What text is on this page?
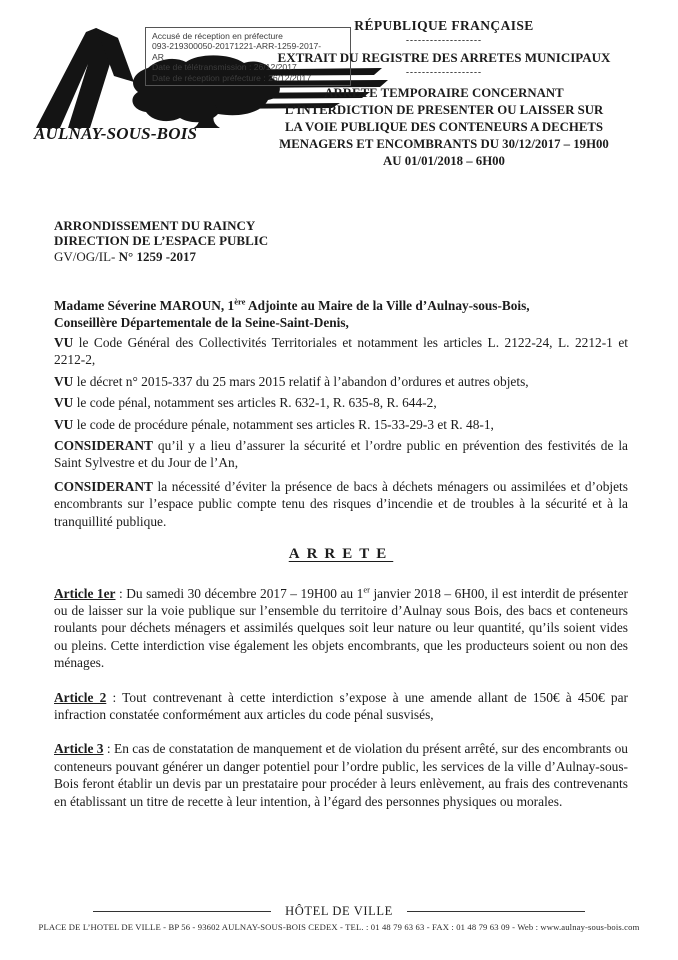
AULNAY-SOUS-BOIS
Accusé de réception en préfecture
093-219300050-20171221-ARR-1259-2017-
AR
Date de télétransmission : 26/12/2017
Date de réception préfecture : 26/12/2017
RÉPUBLIQUE FRANÇAISE
-------------------
EXTRAIT DU REGISTRE DES ARRETES MUNICIPAUX
-------------------
ARRETE TEMPORAIRE CONCERNANT
L’INTERDICTION DE PRESENTER OU LAISSER SUR
LA VOIE PUBLIQUE DES CONTENEURS A DECHETS
MENAGERS ET ENCOMBRANTS DU 30/12/2017 – 19H00
AU 01/01/2018 – 6H00
ARRONDISSEMENT DU RAINCY
DIRECTION DE L’ESPACE PUBLIC
GV/OG/IL- N° 1259 -2017
Madame Séverine MAROUN, 1ère Adjointe au Maire de la Ville d’Aulnay-sous-Bois,
Conseillère Départementale de la Seine-Saint-Denis,

VU le Code Général des Collectivités Territoriales et notamment les articles L. 2122-24, L. 2212-1 et 2212-2,

VU le décret n° 2015-337 du 25 mars 2015 relatif à l’abandon d’ordures et autres objets,

VU le code pénal, notamment ses articles R. 632-1, R. 635-8, R. 644-2,

VU le code de procédure pénale, notamment ses articles R. 15-33-29-3 et R. 48-1,

CONSIDERANT qu’il y a lieu d’assurer la sécurité et l’ordre public en prévention des festivités de la Saint Sylvestre et du Jour de l’An,

CONSIDERANT la nécessité d’éviter la présence de bacs à déchets ménagers ou assimilées et d’objets encombrants sur l’espace public compte tenu des risques d’incendie et de troubles à la sécurité et à la tranquillité publique.

ARRETE

Article 1er : Du samedi 30 décembre 2017 – 19H00 au 1er janvier 2018 – 6H00, il est interdit de présenter ou de laisser sur la voie publique sur l’ensemble du territoire d’Aulnay sous Bois, des bacs et conteneurs roulants pour déchets ménagers et assimilés quelques soit leur nature ou leur quantité, qu’ils soient vides ou pleins. Cette interdiction vise également les objets encombrants, que les producteurs soient ou non des ménages.

Article 2 : Tout contrevenant à cette interdiction s’expose à une amende allant de 150€ à 450€ par infraction constatée conformément aux articles du code pénal susvisés,

Article 3 : En cas de constatation de manquement et de violation du présent arrêté, sur des encombrants ou conteneurs pouvant générer un danger potentiel pour l’ordre public, les services de la ville d’Aulnay-sous-Bois feront établir un devis par un prestataire pour procéder à leurs enlèvement, au frais des contrevenants en établissant un titre de recette à leur intention, à l’égard des personnes physiques ou morales.

HÔTEL DE VILLE
PLACE DE L’HOTEL DE VILLE - BP 56 - 93602 AULNAY-SOUS-BOIS CEDEX - TEL. : 01 48 79 63 63 - FAX : 01 48 79 63 09 - Web : www.aulnay-sous-bois.com
